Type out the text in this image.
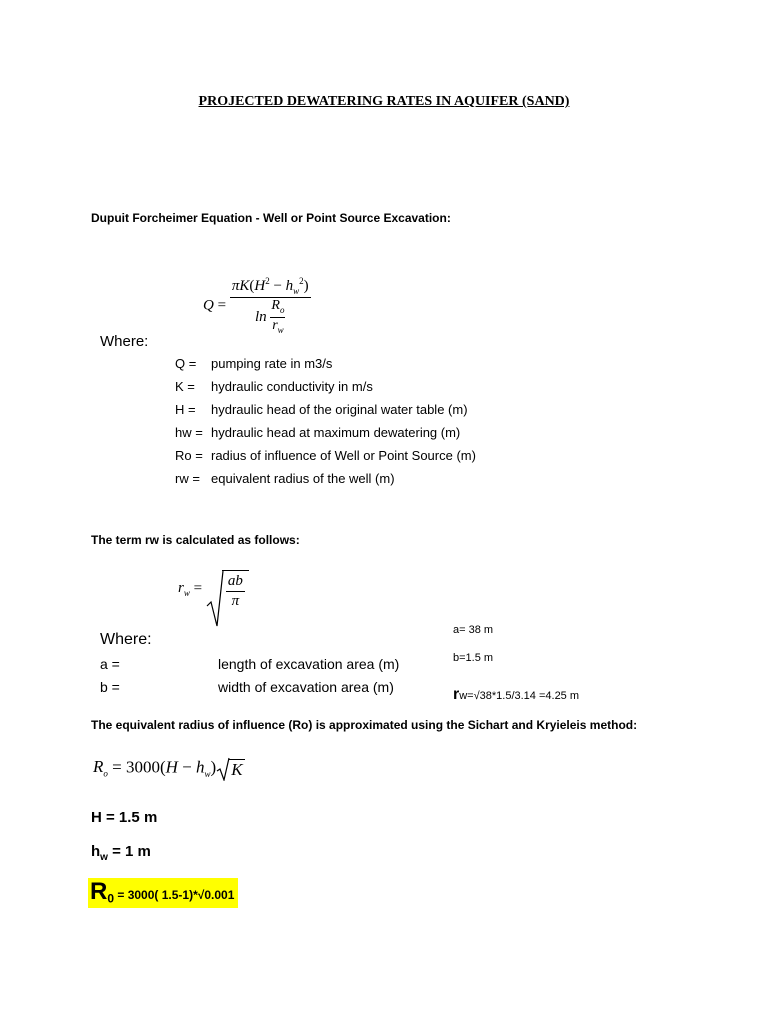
PROJECTED DEWATERING RATES IN AQUIFER (SAND)
Dupuit Forcheimer Equation - Well or Point Source Excavation:
$Q = \frac{\pi K(H^2 - h_w^2)}{\ln \frac{R_o}{r_w}}$
Where:
Q = pumping rate in m3/s
K = hydraulic conductivity in m/s
H = hydraulic head of the original water table (m)
hw = hydraulic head at maximum dewatering (m)
Ro = radius of influence of Well or Point Source (m)
rw = equivalent radius of the well (m)
The term rw is calculated as follows:
$r_w = \frac{ab}{\pi}$
Where:
a =	length of excavation area (m)
b =	width of excavation area (m)
a= 38 m
b=1.5 m
rw=√38*1.5/3.14 =4.25 m
The equivalent radius of influence (Ro) is approximated using the Sichart and Kryieleis method:
$R_o = 3000(H - h_w)$ K
H = 1.5 m
$h_w = 1$ m
$R_0 = 3000$( 1.5-1)*√0.001
